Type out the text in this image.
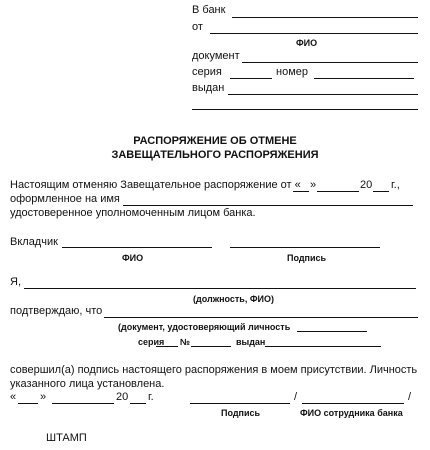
В банк
от
ФИО
документ
серия	номер
выдан
РАСПОРЯЖЕНИЕ ОБ ОТМЕНЕ
ЗАВЕЩАТЕЛЬНОГО РАСПОРЯЖЕНИЯ
Настоящим отменяю Завещательное распоряжение от « »	20 г.,
оформленное на имя
удостоверенное уполномоченным лицом банка.
Вкладчик
ФИО	Подпись
Я,
(должность, ФИО)
подтверждаю, что
(документ, удостоверяющий личность
серия №	выдан
совершил(а) подпись настоящего распоряжения в моем присутствии. Личность
указанного лица установлена.
« »	20 г.	/	/
Подпись	ФИО сотрудника банка
ШТАМП
